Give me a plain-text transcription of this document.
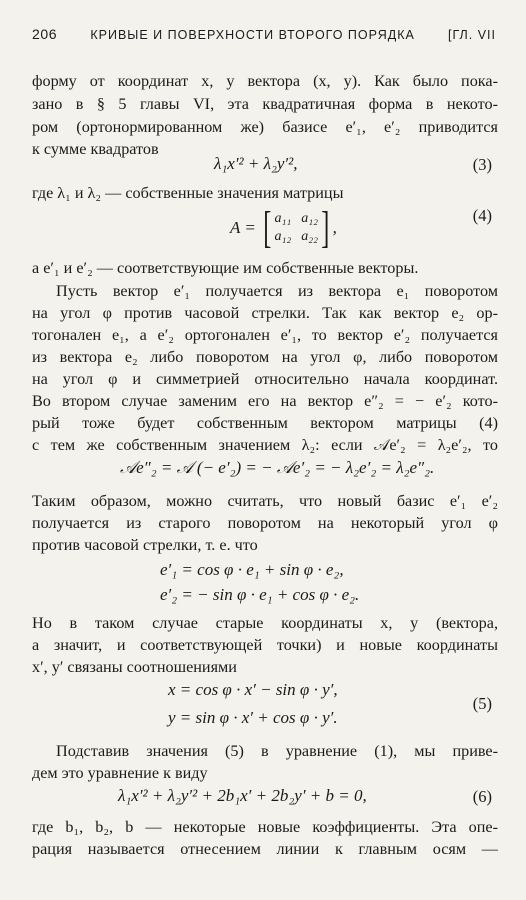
206	КРИВЫЕ И ПОВЕРХНОСТИ ВТОРОГО ПОРЯДКА	[ГЛ. VII
форму от координат x, y вектора (x, y). Как было пока-
зано в § 5 главы VI, эта квадратичная форма в некото-
ром (ортонормированном же) базисе e′₁, e′₂ приводится
к сумме квадратов
λ₁x′² + λ₂y′²,	(3)
где λ₁ и λ₂ — собственные значения матрицы
A = [ a₁₁ a₁₂
a₁₂ a₂₂ ] ,
(4)
а e′₁ и e′₂ — соответствующие им собственные векторы.
Пусть вектор e′₁ получается из вектора e₁ поворотом
на угол φ против часовой стрелки. Так как вектор e₂ ор-
тогонален e₁, а e′₂ ортогонален e′₁, то вектор e′₂ получается
из вектора e₂ либо поворотом на угол φ, либо поворотом
на угол φ и симметрией относительно начала координат.
Во втором случае заменим его на вектор e″₂ = − e′₂ кото-
рый тоже будет собственным вектором матрицы (4)
с тем же собственным значением λ₂: если 𝒜e′₂ = λ₂e′₂, то
𝒜e″₂ = 𝒜 (− e′₂) = − 𝒜e′₂ = − λ₂e′₂ = λ₂e″₂.
Таким образом, можно считать, что новый базис e′₁ e′₂
получается из старого поворотом на некоторый угол φ
против часовой стрелки, т. е. что
e′₁ = cos φ · e₁ + sin φ · e₂,
e′₂ = − sin φ · e₁ + cos φ · e₂.
Но в таком случае старые координаты x, y (вектора,
а значит, и соответствующей точки) и новые координаты
x′, y′ связаны соотношениями
x = cos φ · x′ − sin φ · y′,
y = sin φ · x′ + cos φ · y′.
(5)
Подставив значения (5) в уравнение (1), мы приве-
дем это уравнение к виду
λ₁x′² + λ₂y′² + 2b₁x′ + 2b₂y′ + b = 0,	(6)
где b₁, b₂, b — некоторые новые коэффициенты. Эта опе-
рация называется отнесением линии к главным осям —
